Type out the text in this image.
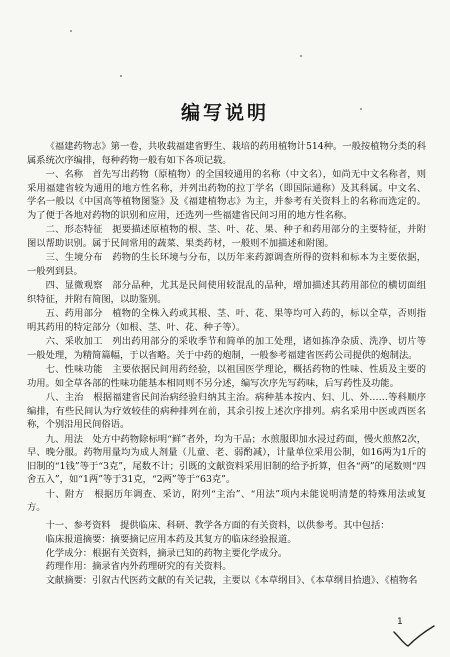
编写说明

《福建药物志》第一卷，共收载福建省野生、栽培的药用植物计514种。一般按植物分类的科属系统次序编排，每种药物一般有如下各项记载。

一、名称　首先写出药物（原植物）的全国较通用的名称（中文名），如尚无中文名称者，则采用福建省较为通用的地方性名称，并列出药物的拉丁学名（即国际通称）及其科属。中文名、学名一般以《中国高等植物图鉴》及《福建植物志》为主，并参考有关资料上的名称而选定的。为了便于各地对药物的识别和应用，还选列一些福建省民间习用的地方性名称。

二、形态特征　扼要描述原植物的根、茎、叶、花、果、种子和药用部分的主要特征，并附图以帮助识别。属于民间常用的蔬菜、果类药材，一般则不加描述和附图。

三、生境分布　药物的生长环境与分布，以历年来药源调查所得的资料和标本为主要依据，一般列到县。

四、显微观察　部分品种，尤其是民间使用较混乱的品种，增加描述其药用部位的横切面组织特征，并附有简图，以助鉴别。

五、药用部分　植物的全株入药或其根、茎、叶、花、果等均可入药的，标以全草，否则指明其药用的特定部分（如根、茎、叶、花、种子等）。

六、采收加工　列出药用部分的采收季节和简单的加工处理，诸如拣净杂质、洗净、切片等一般处理，为精简篇幅，于以省略。关于中药的炮制，一般参考福建省医药公司提供的炮制法。

七、性味功能　主要依据民间用药经验，以祖国医学理论，概括药物的性味、性质及主要的功用。如全草各部的性味功能基本相同则不另分述，编写次序先写药味，后写药性及功能。

八、主治　根据福建省民间治病经验归纳其主治。病种基本按内、妇、儿、外……等科顺序编排，有些民间认为疗效较佳的病种排列在前，其余引按上述次序排列。病名采用中医或西医名称，个别沿用民间俗语。

九、用法　处方中药物除标明“鲜”者外，均为干品；水煎服即加水浸过药面，慢火煎熬2次，早、晚分服。药物用量均为成人剂量（儿童、老、弱酌减），计量单位采用公制，如16两为1斤的旧制的“1钱”等于“3克”，尾数不计；引既的文献资料采用旧制的给予折算，但各“两”的尾数则“四舍五入”，如“1两”等于31克，“2两”等于“63克”。

十、附方　根据历年调查、采访，附列“主治”、“用法”项内未能说明清楚的特殊用法或复方。

十一、参考资料　提供临床、科研、教学各方面的有关资料，以供参考。其中包括：

临床报道摘要：摘要摘记应用本药及其复方的临床经验报道。

化学成分：根据有关资料，摘录已知的药物主要化学成分。

药理作用：摘录省内外药理研究的有关资料。

文献摘要：引叙古代医药文献的有关记载，主要以《本草纲目》、《本草纲目拾遗》、《植物名

1
